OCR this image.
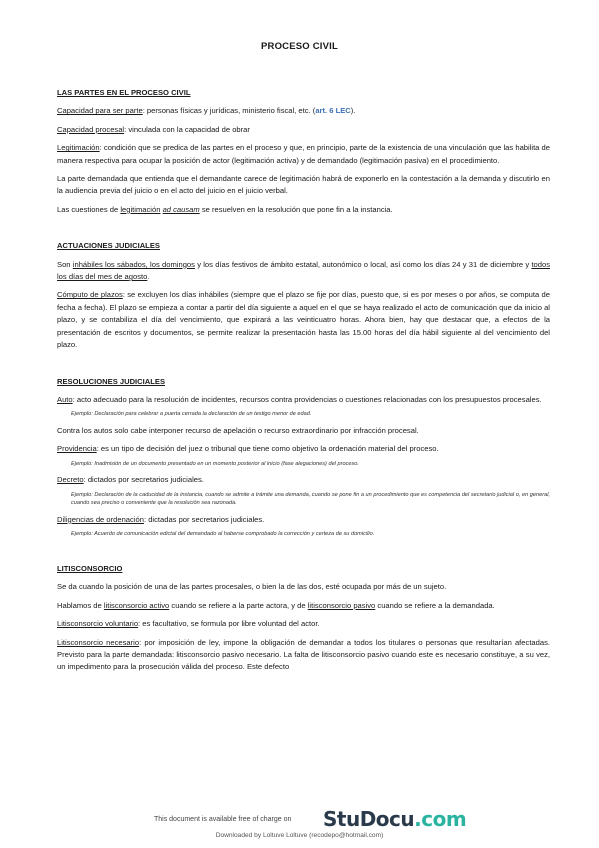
PROCESO CIVIL

LAS PARTES EN EL PROCESO CIVIL

Capacidad para ser parte: personas físicas y jurídicas, ministerio fiscal, etc. (art. 6 LEC).

Capacidad procesal: vinculada con la capacidad de obrar

Legitimación: condición que se predica de las partes en el proceso y que, en principio, parte de la existencia de una vinculación que las habilita de manera respectiva para ocupar la posición de actor (legitimación activa) y de demandado (legitimación pasiva) en el procedimiento.

La parte demandada que entienda que el demandante carece de legitimación habrá de exponerlo en la contestación a la demanda y discutirlo en la audiencia previa del juicio o en el acto del juicio en el juicio verbal.

Las cuestiones de legitimación ad causam se resuelven en la resolución que pone fin a la instancia.

ACTUACIONES JUDICIALES

Son inhábiles los sábados, los domingos y los días festivos de ámbito estatal, autonómico o local, así como los días 24 y 31 de diciembre y todos los días del mes de agosto.

Cómputo de plazos: se excluyen los días inhábiles (siempre que el plazo se fije por días, puesto que, si es por meses o por años, se computa de fecha a fecha). El plazo se empieza a contar a partir del día siguiente a aquel en el que se haya realizado el acto de comunicación que da inicio al plazo, y se contabiliza el día del vencimiento, que expirará a las veinticuatro horas. Ahora bien, hay que destacar que, a efectos de la presentación de escritos y documentos, se permite realizar la presentación hasta las 15.00 horas del día hábil siguiente al del vencimiento del plazo.

RESOLUCIONES JUDICIALES

Auto: acto adecuado para la resolución de incidentes, recursos contra providencias o cuestiones relacionadas con los presupuestos procesales.

Ejemplo: Declaración para celebrar a puerta cerrada la declaración de un testigo menor de edad.

Contra los autos solo cabe interponer recurso de apelación o recurso extraordinario por infracción procesal.

Providencia: es un tipo de decisión del juez o tribunal que tiene como objetivo la ordenación material del proceso.

Ejemplo: Inadmisión de un documento presentado en un momento posterior al inicio (fase alegaciones) del proceso.

Decreto: dictados por secretarios judiciales.

Ejemplo: Declaración de la caducidad de la instancia, cuando se admite a trámite una demanda, cuando se pone fin a un procedimiento que es competencia del secretario judicial o, en general, cuando sea preciso o conveniente que la resolución sea razonada.

Diligencias de ordenación: dictadas por secretarios judiciales.

Ejemplo: Acuerdo de comunicación edictal del demandado al haberse comprobado la corrección y certeza de su domicilio.

LITISCONSORCIO

Se da cuando la posición de una de las partes procesales, o bien la de las dos, esté ocupada por más de un sujeto.

Hablamos de litisconsorcio activo cuando se refiere a la parte actora, y de litisconsorcio pasivo cuando se refiere a la demandada.

Litisconsorcio voluntario: es facultativo, se formula por libre voluntad del actor.

Litisconsorcio necesario: por imposición de ley, impone la obligación de demandar a todos los titulares o personas que resultarían afectadas. Previsto para la parte demandada: litisconsorcio pasivo necesario. La falta de litisconsorcio pasivo cuando este es necesario constituye, a su vez, un impedimento para la prosecución válida del proceso. Este defecto

This document is available free of charge on StuDocu.com
Downloaded by Loltuve Loltuve (recodepo@hotmail.com)
